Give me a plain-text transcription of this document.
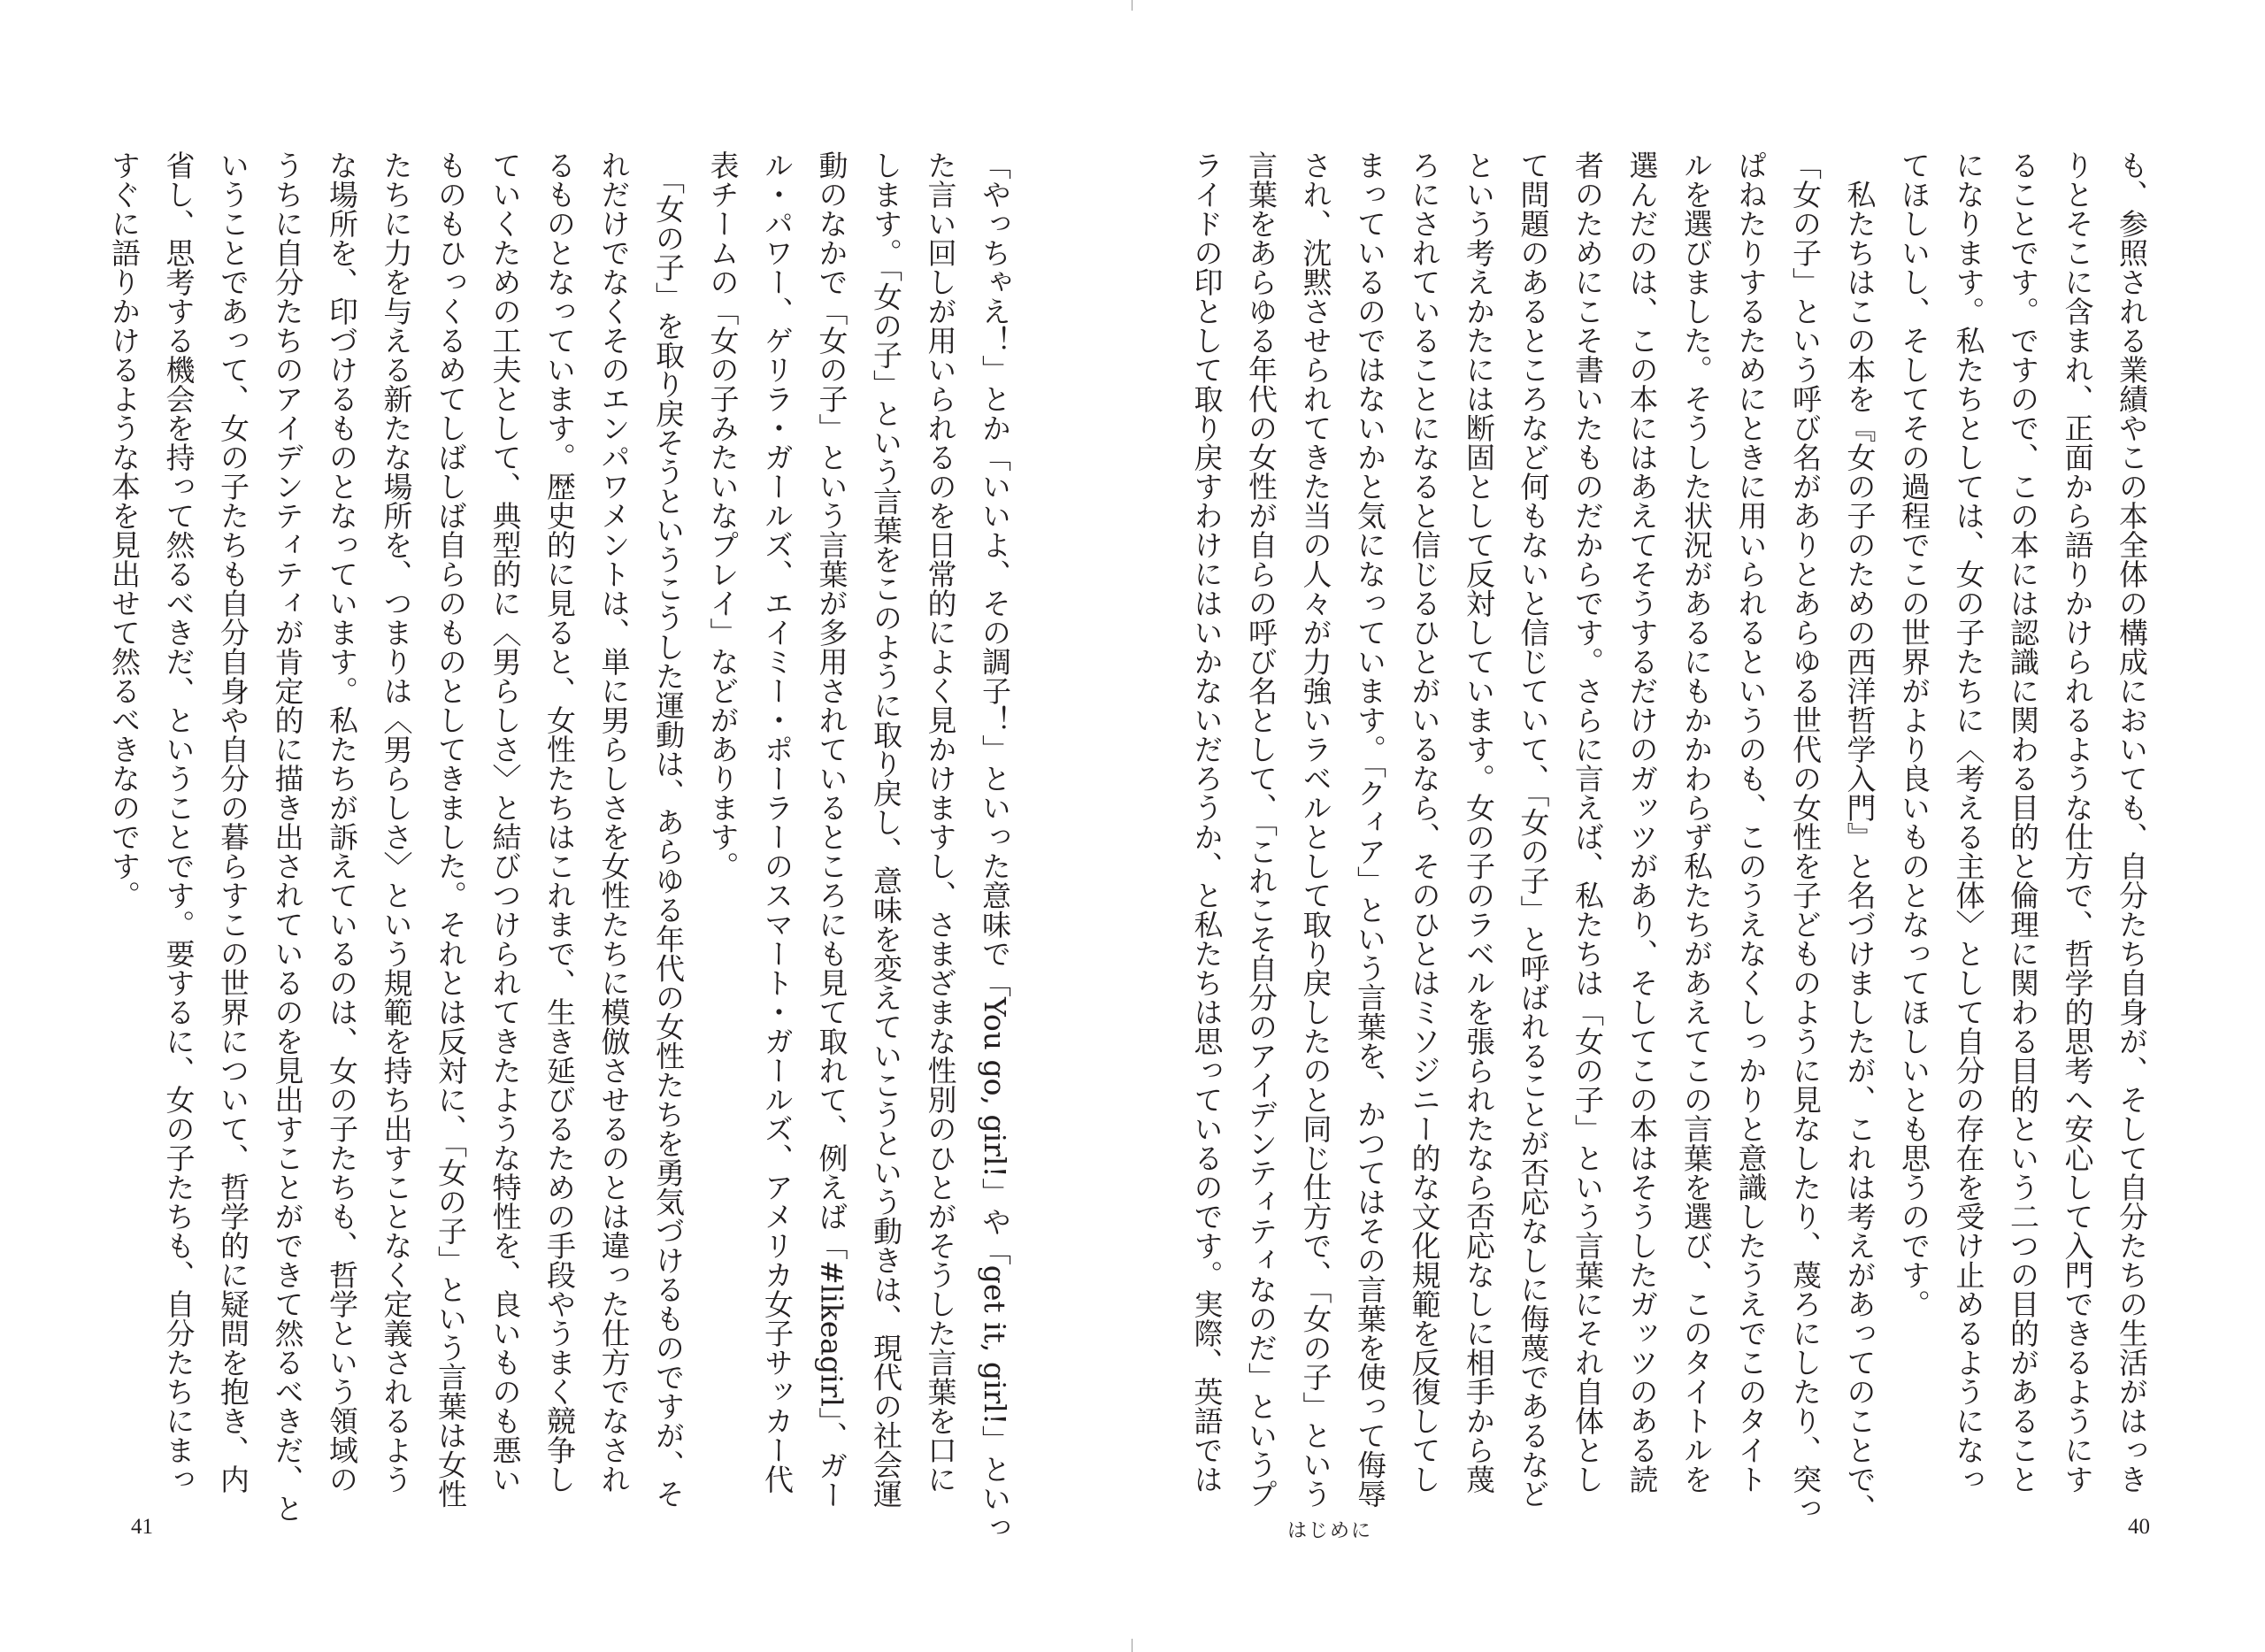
「やっちゃえ！」とか「いいよ、その調子！」といった意味で「You go, girl!」や「get it, girl!」といっ
た言い回しが用いられるのを日常的によく見かけますし、さまざまな性別のひとがそうした言葉を口に
します。「女の子」という言葉をこのように取り戻し、意味を変えていこうという動きは、現代の社会運
動のなかで「女の子」という言葉が多用されているところにも見て取れて、例えば「#likeagirl」、ガー
ル・パワー、ゲリラ・ガールズ、エイミー・ポーラーのスマート・ガールズ、アメリカ女子サッカー代
表チームの「女の子みたいなプレイ」などがあります。
　「女の子」を取り戻そうというこうした運動は、あらゆる年代の女性たちを勇気づけるものですが、そ
れだけでなくそのエンパワメントは、単に男らしさを女性たちに模倣させるのとは違った仕方でなされ
るものとなっています。歴史的に見ると、女性たちはこれまで、生き延びるための手段やうまく競争し
ていくための工夫として、典型的に〈男らしさ〉と結びつけられてきたような特性を、良いものも悪い
ものもひっくるめてしばしば自らのものとしてきました。それとは反対に、「女の子」という言葉は女性
たちに力を与える新たな場所を、つまりは〈男らしさ〉という規範を持ち出すことなく定義されるよう
な場所を、印づけるものとなっています。私たちが訴えているのは、女の子たちも、哲学という領域の
うちに自分たちのアイデンティティが肯定的に描き出されているのを見出すことができて然るべきだ、と
いうことであって、女の子たちも自分自身や自分の暮らすこの世界について、哲学的に疑問を抱き、内
省し、思考する機会を持って然るべきだ、ということです。要するに、女の子たちも、自分たちにまっ
すぐに語りかけるような本を見出せて然るべきなのです。
41
も、参照される業績やこの本全体の構成においても、自分たち自身が、そして自分たちの生活がはっき
りとそこに含まれ、正面から語りかけられるような仕方で、哲学的思考へ安心して入門できるようにす
ることです。ですので、この本には認識に関わる目的と倫理に関わる目的という二つの目的があること
になります。私たちとしては、女の子たちに〈考える主体〉として自分の存在を受け止めるようになっ
てほしいし、そしてその過程でこの世界がより良いものとなってほしいとも思うのです。
　私たちはこの本を『女の子のための西洋哲学入門』と名づけましたが、これは考えがあってのことで、
「女の子」という呼び名がありとあらゆる世代の女性を子どものように見なしたり、蔑ろにしたり、突っ
ぱねたりするためにときに用いられるというのも、このうえなくしっかりと意識したうえでこのタイト
ルを選びました。そうした状況があるにもかかわらず私たちがあえてこの言葉を選び、このタイトルを
選んだのは、この本にはあえてそうするだけのガッツがあり、そしてこの本はそうしたガッツのある読
者のためにこそ書いたものだからです。さらに言えば、私たちは「女の子」という言葉にそれ自体とし
て問題のあるところなど何もないと信じていて、「女の子」と呼ばれることが否応なしに侮蔑であるなど
という考えかたには断固として反対しています。女の子のラベルを張られたなら否応なしに相手から蔑
ろにされていることになると信じるひとがいるなら、そのひとはミソジニー的な文化規範を反復してし
まっているのではないかと気になっています。「クィア」という言葉を、かつてはその言葉を使って侮辱
され、沈黙させられてきた当の人々が力強いラベルとして取り戻したのと同じ仕方で、「女の子」という
言葉をあらゆる年代の女性が自らの呼び名として、「これこそ自分のアイデンティティなのだ」というプ
ライドの印として取り戻すわけにはいかないだろうか、と私たちは思っているのです。実際、英語では
40
はじめに
